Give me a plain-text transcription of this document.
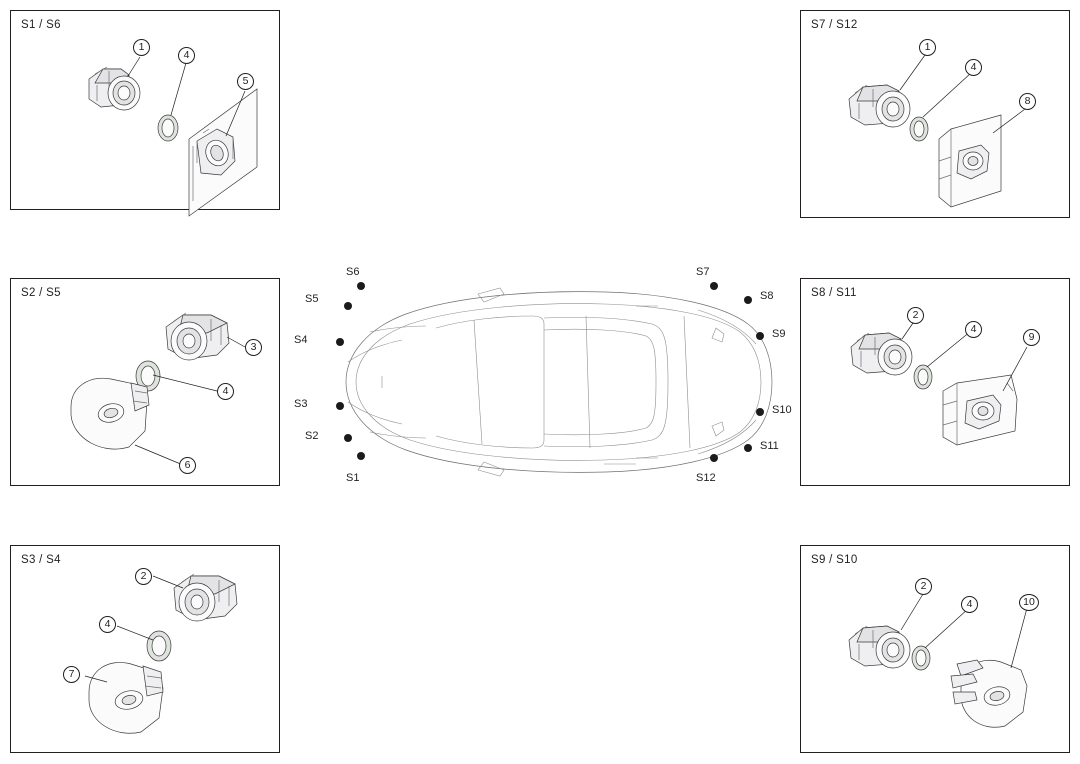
S1 / S6
1
4
5
S2 / S5
3
4
6
S3 / S4
2
4
7
S6
S5
S4
S3
S2
S1
S7
S8
S9
S10
S11
S12
S7 / S12
1
4
8
S8 / S11
2
4
9
S9 / S10
2
4	10
